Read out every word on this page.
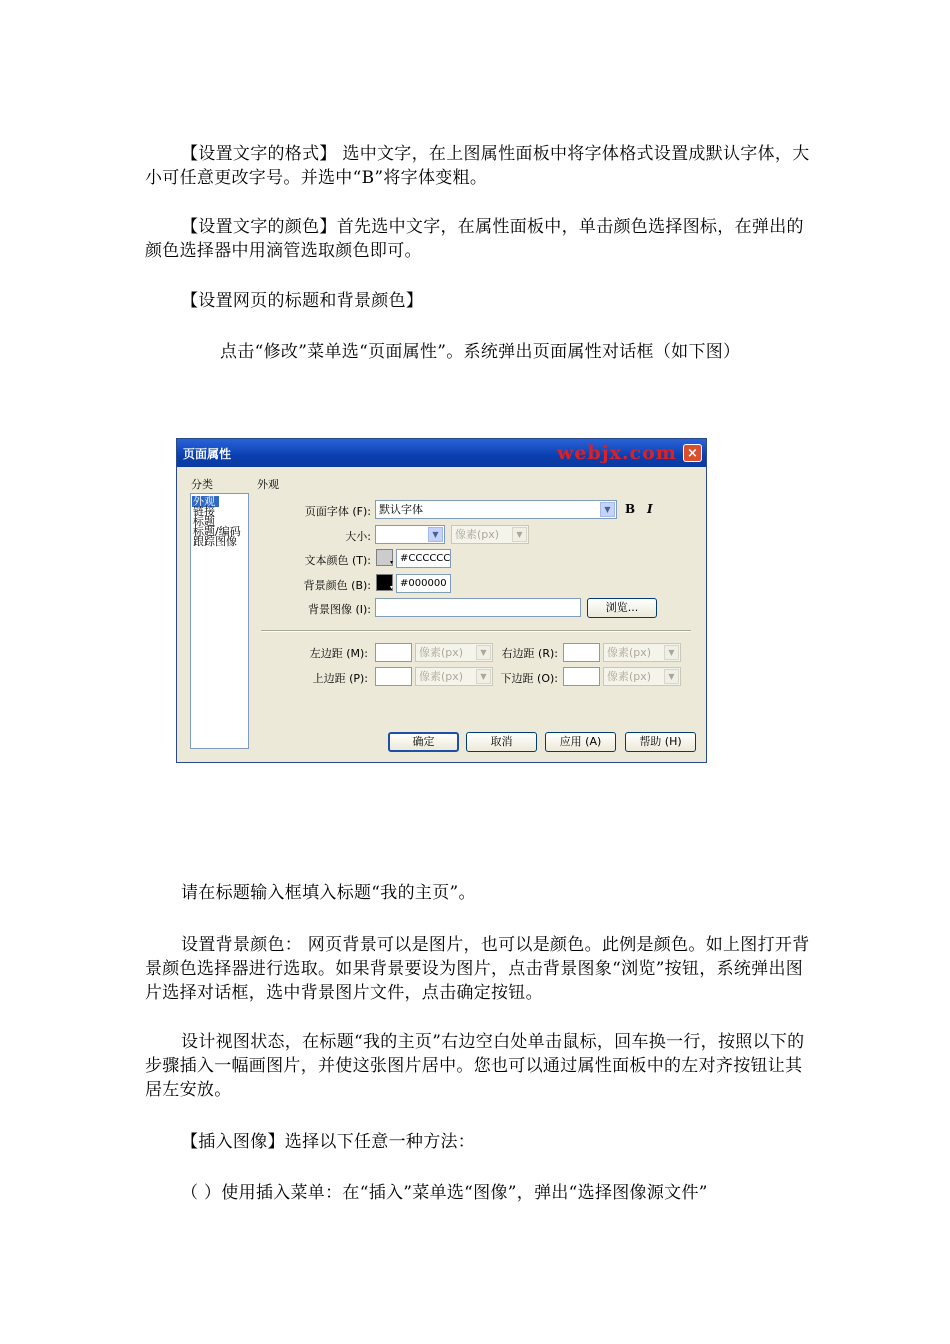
【设置文字的格式】 选中文字，在上图属性面板中将字体格式设置成默认字体，大小可任意更改字号。并选中“B”将字体变粗。

【设置文字的颜色】首先选中文字，在属性面板中，单击颜色选择图标，在弹出的颜色选择器中用滴管选取颜色即可。

【设置网页的标题和背景颜色】

点击“修改”菜单选“页面属性”。系统弹出页面属性对话框（如下图）

页面属性	webjx.com ×
分类	外观
外观
链接
标题
标题/编码
跟踪图像
页面字体 (F): 默认字体	▼	B I
大小:	▼	像素(px)	▼
文本颜色 (T):	▾ #CCCCCC
背景颜色 (B):	▾ #000000
背景图像 (I):	浏览...
左边距 (M):	像素(px)	▼	右边距 (R):	像素(px)	▼
上边距 (P):	像素(px)	▼	下边距 (O):	像素(px)	▼
确定	取消	应用 (A)	帮助 (H)

请在标题输入框填入标题“我的主页”。

设置背景颜色： 网页背景可以是图片，也可以是颜色。此例是颜色。如上图打开背景颜色选择器进行选取。如果背景要设为图片，点击背景图象“浏览”按钮，系统弹出图片选择对话框，选中背景图片文件，点击确定按钮。

设计视图状态，在标题“我的主页”右边空白处单击鼠标，回车换一行，按照以下的步骤插入一幅画图片，并使这张图片居中。您也可以通过属性面板中的左对齐按钮让其居左安放。

【插入图像】选择以下任意一种方法：

（ ）使用插入菜单：在“插入”菜单选“图像”，弹出“选择图像源文件”
